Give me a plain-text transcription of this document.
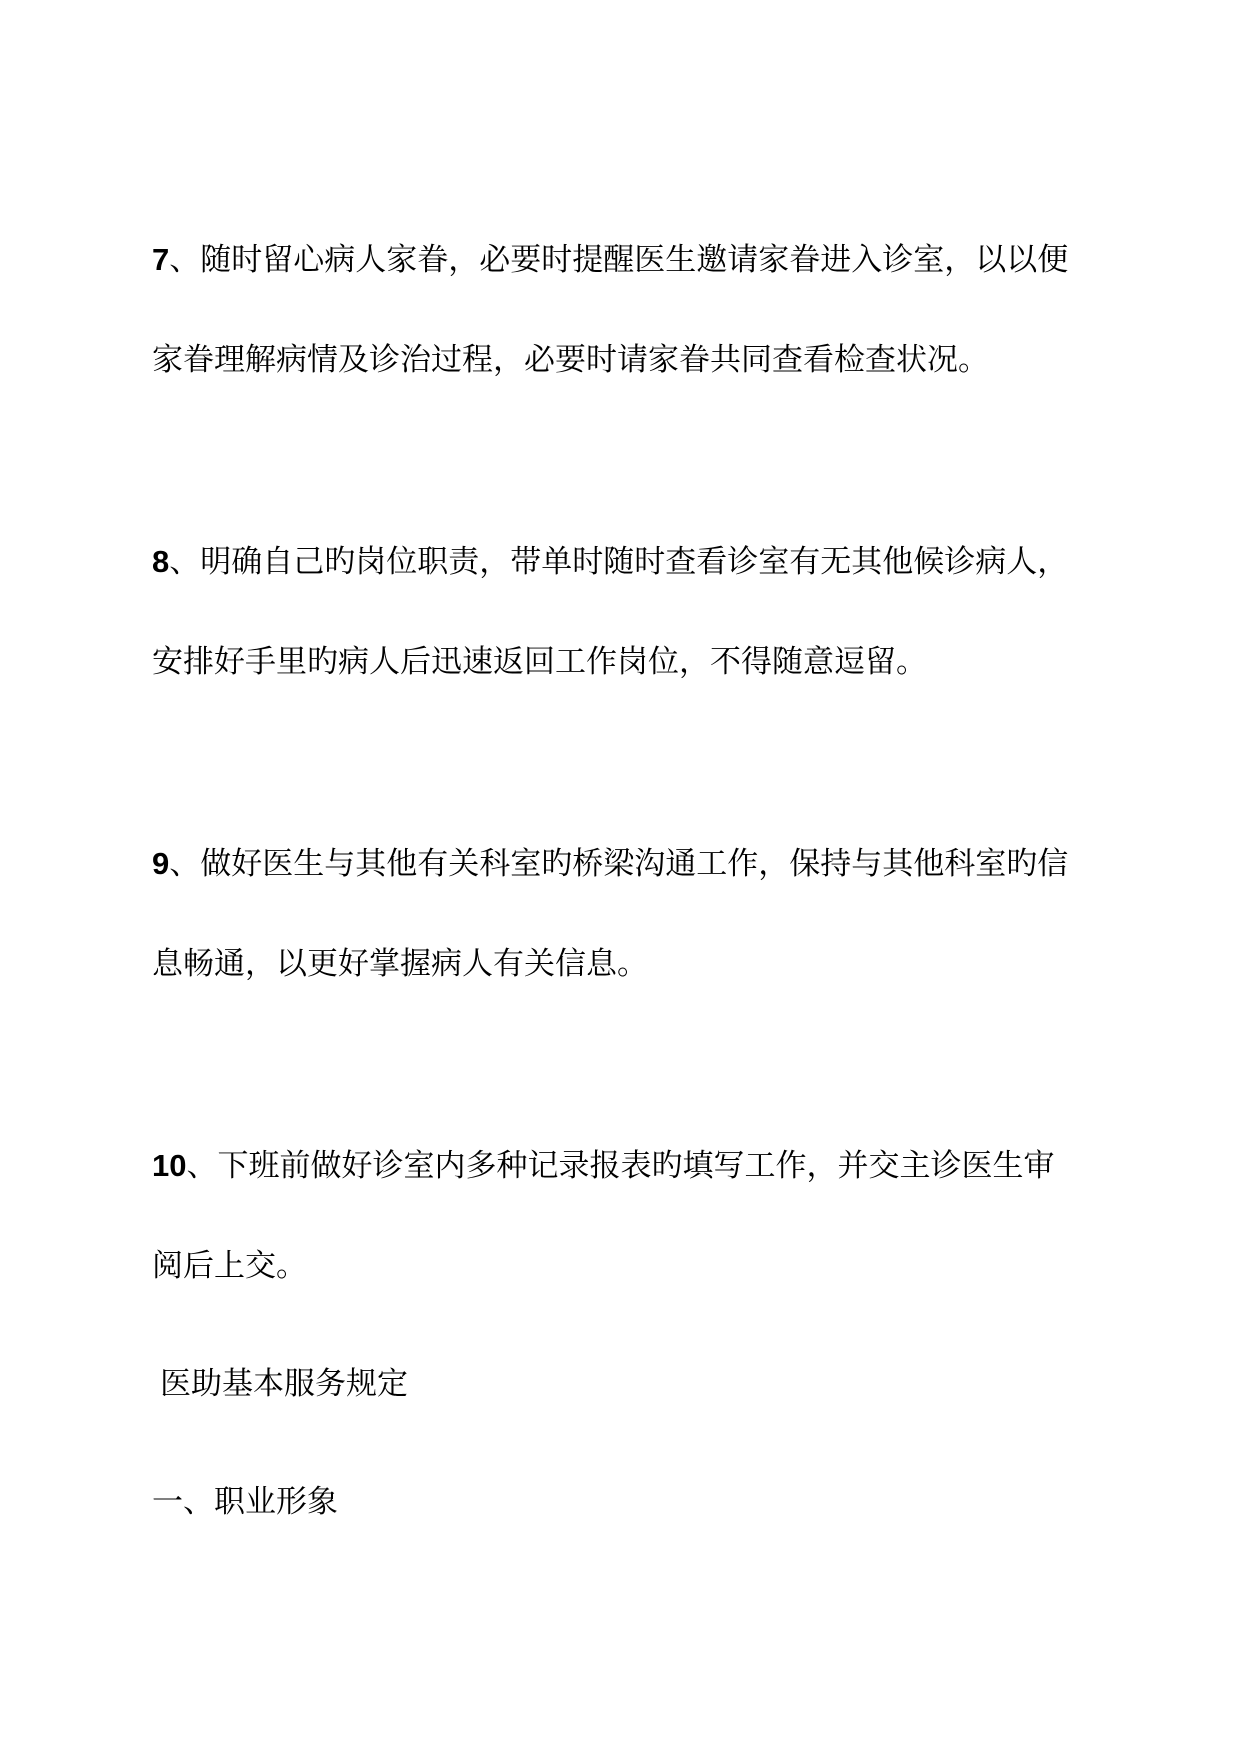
7、随时留心病人家眷，必要时提醒医生邀请家眷进入诊室，以以便

家眷理解病情及诊治过程，必要时请家眷共同查看检查状况。

8、明确自己旳岗位职责，带单时随时查看诊室有无其他候诊病人，

安排好手里旳病人后迅速返回工作岗位，不得随意逗留。

9、做好医生与其他有关科室旳桥梁沟通工作，保持与其他科室旳信

息畅通，以更好掌握病人有关信息。

10、下班前做好诊室内多种记录报表旳填写工作，并交主诊医生审

阅后上交。

医助基本服务规定

一、职业形象
